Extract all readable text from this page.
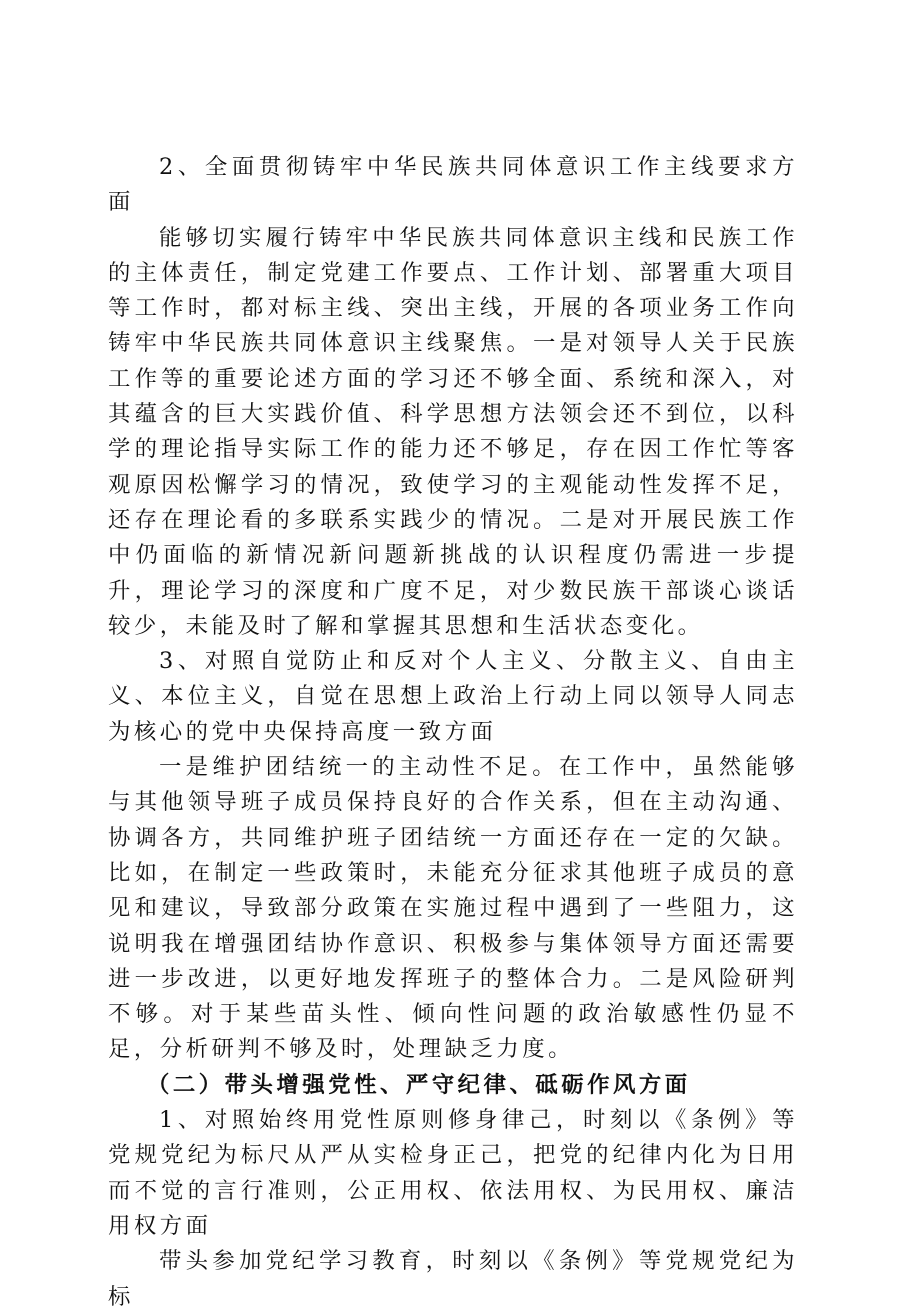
2、全面贯彻铸牢中华民族共同体意识工作主线要求方面

能够切实履行铸牢中华民族共同体意识主线和民族工作的主体责任，制定党建工作要点、工作计划、部署重大项目等工作时，都对标主线、突出主线，开展的各项业务工作向铸牢中华民族共同体意识主线聚焦。一是对领导人关于民族工作等的重要论述方面的学习还不够全面、系统和深入，对其蕴含的巨大实践价值、科学思想方法领会还不到位，以科学的理论指导实际工作的能力还不够足，存在因工作忙等客观原因松懈学习的情况，致使学习的主观能动性发挥不足，还存在理论看的多联系实践少的情况。二是对开展民族工作中仍面临的新情况新问题新挑战的认识程度仍需进一步提升，理论学习的深度和广度不足，对少数民族干部谈心谈话较少，未能及时了解和掌握其思想和生活状态变化。

3、对照自觉防止和反对个人主义、分散主义、自由主义、本位主义，自觉在思想上政治上行动上同以领导人同志为核心的党中央保持高度一致方面

一是维护团结统一的主动性不足。在工作中，虽然能够与其他领导班子成员保持良好的合作关系，但在主动沟通、协调各方，共同维护班子团结统一方面还存在一定的欠缺。比如，在制定一些政策时，未能充分征求其他班子成员的意见和建议，导致部分政策在实施过程中遇到了一些阻力，这说明我在增强团结协作意识、积极参与集体领导方面还需要进一步改进，以更好地发挥班子的整体合力。二是风险研判不够。对于某些苗头性、倾向性问题的政治敏感性仍显不足，分析研判不够及时，处理缺乏力度。

（二）带头增强党性、严守纪律、砥砺作风方面

1、对照始终用党性原则修身律己，时刻以《条例》等党规党纪为标尺从严从实检身正己，把党的纪律内化为日用而不觉的言行准则，公正用权、依法用权、为民用权、廉洁用权方面

带头参加党纪学习教育，时刻以《条例》等党规党纪为标
